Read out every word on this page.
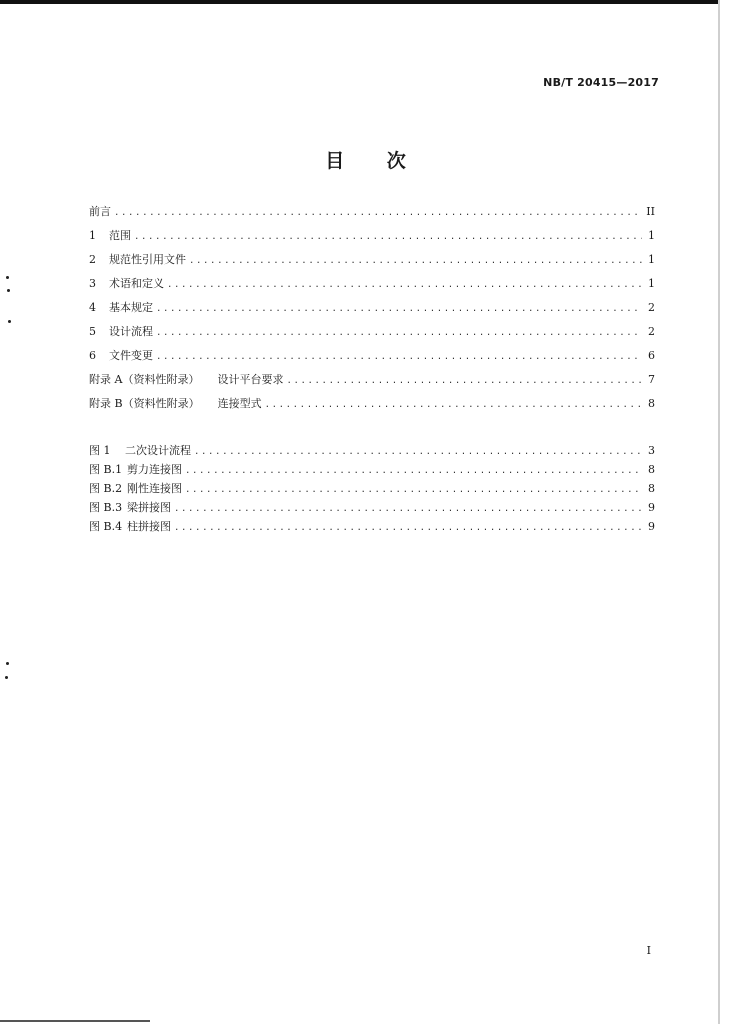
NB/T 20415—2017
目 次
前言 .....	II
1	范围 .....	1
2	规范性引用文件 .....	1
3	术语和定义 .....	1
4	基本规定 .....	2
5	设计流程 .....	2
6	文件变更 .....	6
附录 A（资料性附录） 设计平台要求 .....	7
附录 B（资料性附录） 连接型式 .....	8
图 1	二次设计流程 .....	3
图 B.1 剪力连接图 .....	8
图 B.2 刚性连接图 .....	8
图 B.3 梁拼接图 .....	9
图 B.4 柱拼接图 .....	9
I
